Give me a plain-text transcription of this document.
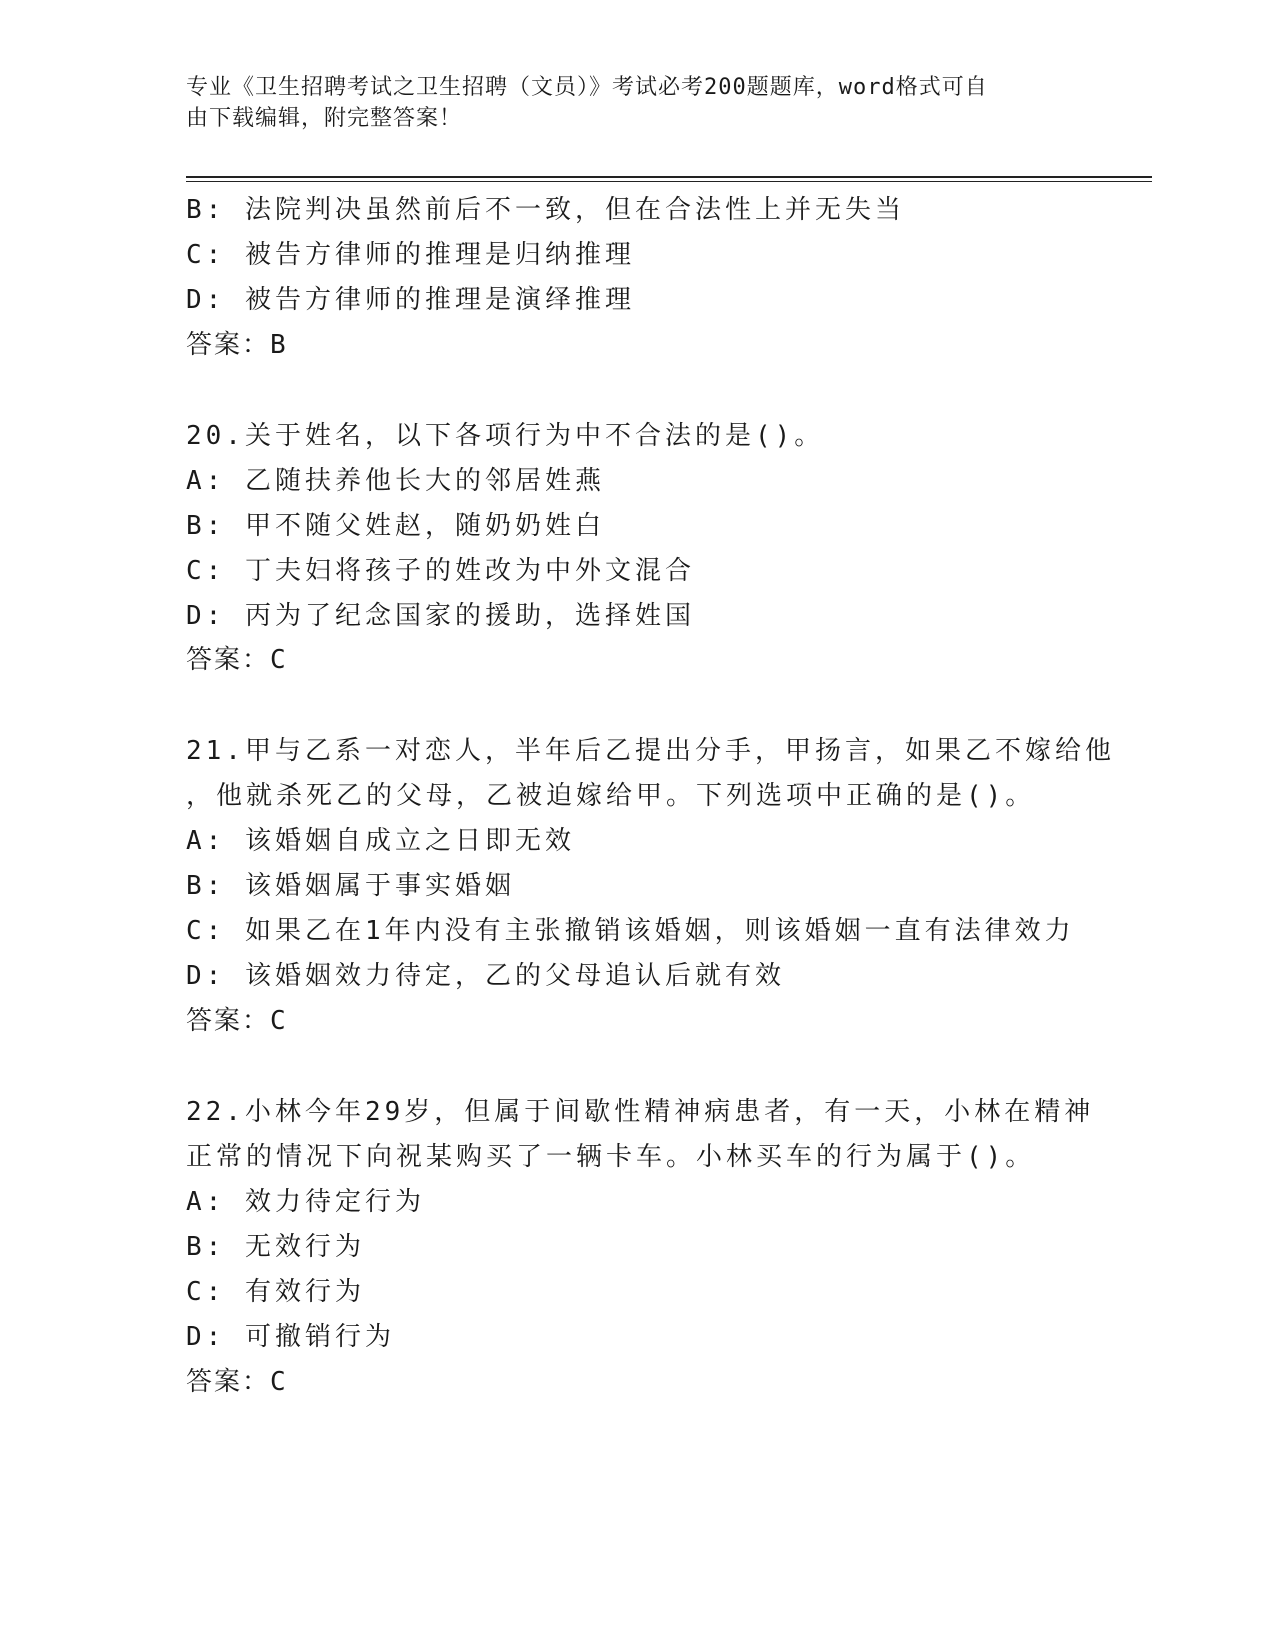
专业《卫生招聘考试之卫生招聘（文员）》考试必考200题题库，word格式可自
由下载编辑，附完整答案！
B: 法院判决虽然前后不一致，但在合法性上并无失当
C: 被告方律师的推理是归纳推理
D: 被告方律师的推理是演绎推理
答案：B
20.关于姓名，以下各项行为中不合法的是()。
A: 乙随扶养他长大的邻居姓燕
B: 甲不随父姓赵，随奶奶姓白
C: 丁夫妇将孩子的姓改为中外文混合
D: 丙为了纪念国家的援助，选择姓国
答案：C
21.甲与乙系一对恋人，半年后乙提出分手，甲扬言，如果乙不嫁给他
，他就杀死乙的父母，乙被迫嫁给甲。下列选项中正确的是()。
A: 该婚姻自成立之日即无效
B: 该婚姻属于事实婚姻
C: 如果乙在1年内没有主张撤销该婚姻，则该婚姻一直有法律效力
D: 该婚姻效力待定，乙的父母追认后就有效
答案：C
22.小林今年29岁，但属于间歇性精神病患者，有一天，小林在精神
正常的情况下向祝某购买了一辆卡车。小林买车的行为属于()。
A: 效力待定行为
B: 无效行为
C: 有效行为
D: 可撤销行为
答案：C
